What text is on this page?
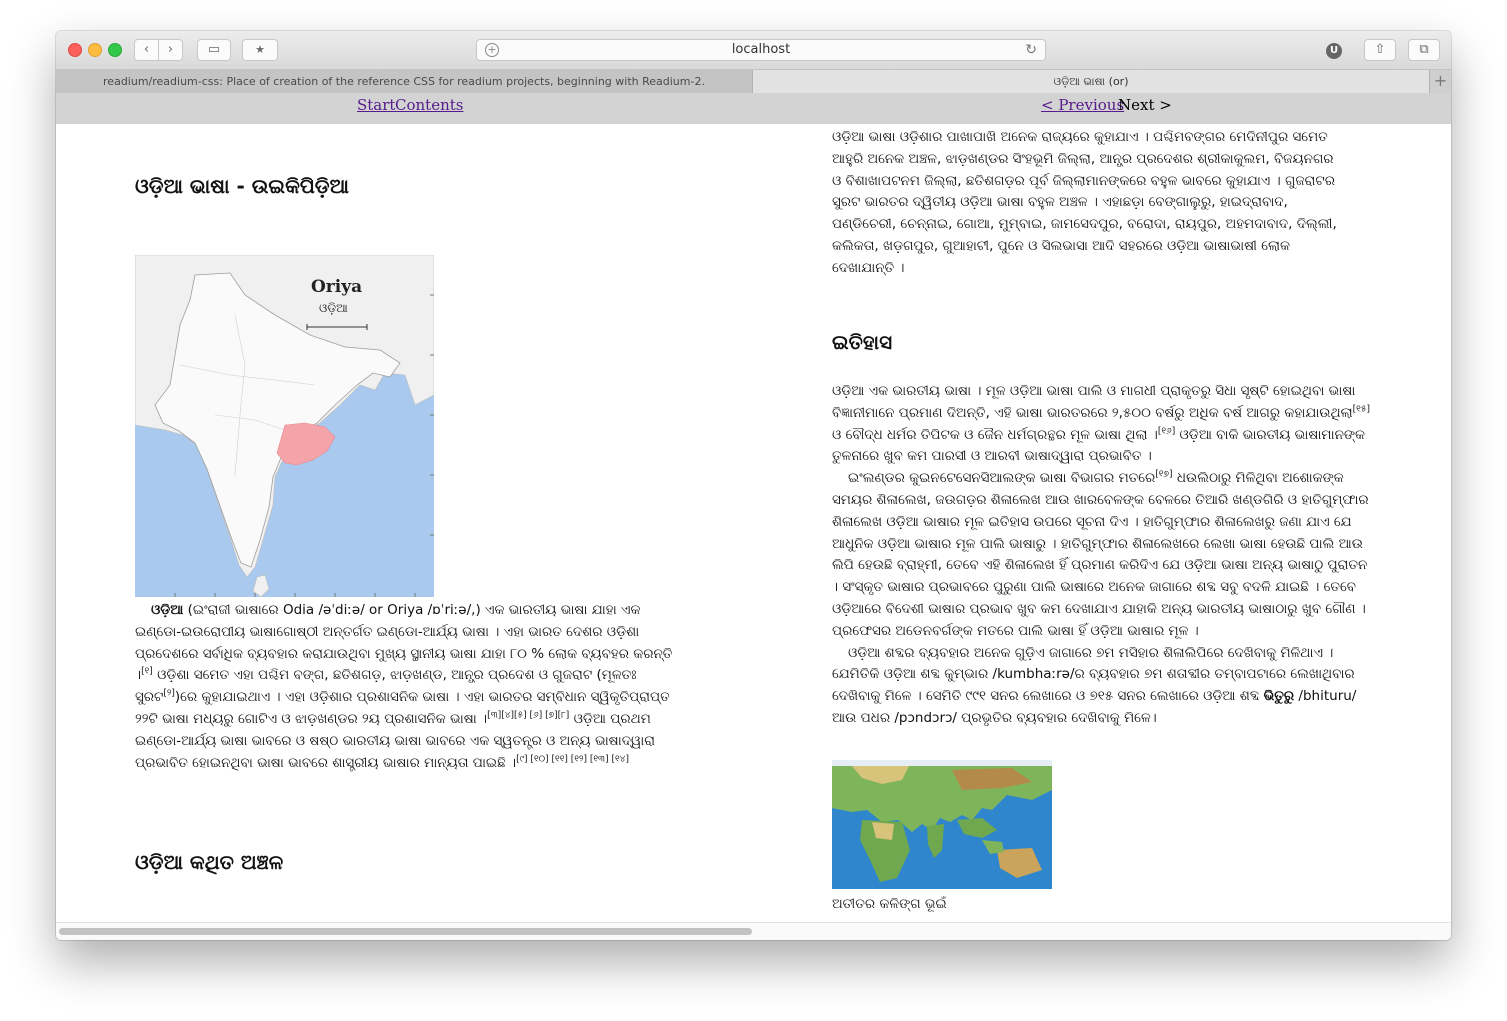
‹	›	▭	★	+	localhost	↻	U	⇧	⧉
readium/readium-css: Place of creation of the reference CSS for readium projects, beginning with Readium-2.	ଓଡ଼ିଆ ଭାଷା (or)	+
Start Contents	< Previous
Next >
ଓଡ଼ିଆ ଭାଷା - ଉଇକିପିଡ଼ିଆ
Oriya
ଓଡ଼ିଆ

ଓଡ଼ିଆ (ଇଂରାଜୀ ଭାଷାରେ Odia /əˈdiːə/ or Oriya /ɒˈriːə/,) ଏକ ଭାରତୀୟ ଭାଷା ଯାହା ଏକ ଇଣ୍ଡୋ-ଇଉରୋପୀୟ ଭାଷାଗୋଷ୍ଠୀ ଅନ୍ତର୍ଗତ ଇଣ୍ଡୋ-ଆର୍ଯ୍ୟ ଭାଷା । ଏହା ଭାରତ ଦେଶର ଓଡ଼ିଶା ପ୍ରଦେଶରେ ସର୍ବାଧିକ ବ୍ୟବହାର କରାଯାଉଥିବା ମୁଖ୍ୟ ସ୍ଥାନୀୟ ଭାଷା ଯାହା ୮୦ % ଲୋକ ବ୍ୟବହର କରନ୍ତି ।[୧] ଓଡ଼ିଶା ସମେତ ଏହା ପଶ୍ଚିମ ବଙ୍ଗ, ଛତିଶଗଡ଼, ଝାଡ଼ଖଣ୍ଡ, ଆନ୍ଧ୍ର ପ୍ରଦେଶ ଓ ଗୁଜରାଟ (ମୂଳତଃ ସୁରଟ[୨])ରେ କୁହାଯାଇଥାଏ । ଏହା ଓଡ଼ିଶାର ପ୍ରଶାସନିକ ଭାଷା । ଏହା ଭାରତର ସମ୍ବିଧାନ ସ୍ୱିକୃତିପ୍ରାପ୍ତ ୨୨ଟି ଭାଷା ମଧ୍ୟରୁ ଗୋଟିଏ ଓ ଝାଡ଼ଖଣ୍ଡର ୨ୟ ପ୍ରଶାସନିକ ଭାଷା ।[୩][୪][୫] [୬] [୭][୮] ଓଡ଼ିଆ ପ୍ରଥମ ଇଣ୍ଡୋ-ଆର୍ଯ୍ୟ ଭାଷା ଭାବରେ ଓ ଷଷ୍ଠ ଭାରତୀୟ ଭାଷା ଭାବରେ ଏକ ସ୍ୱତନ୍ତ୍ର ଓ ଅନ୍ୟ ଭାଷାଦ୍ୱାରା ପ୍ରଭାବିତ ହୋଇନଥିବା ଭାଷା ଭାବରେ ଶାସ୍ତ୍ରୀୟ ଭାଷାର ମାନ୍ୟତା ପାଇଛି ।[୯] [୧୦] [୧୧] [୧୨] [୧୩] [୧୪]

ଓଡ଼ିଆ କଥିତ ଅଞ୍ଚଳ

ଓଡ଼ିଆ ଭାଷା ଓଡ଼ିଶାର ପାଖାପାଖି ଅନେକ ରାଜ୍ୟରେ କୁହାଯାଏ । ପଶ୍ଚିମବଙ୍ଗର ମେଦିନୀପୁର ସମେତ ଆହୁରି ଅନେକ ଅଞ୍ଚଳ, ଝାଡ଼ଖଣ୍ଡର ସିଂହଭୂମି ଜିଲ୍ଲା, ଆନ୍ଧ୍ର ପ୍ରଦେଶର ଶ୍ରୀକାକୁଲମ, ବିଜୟନଗର ଓ ବିଶାଖାପଟନମ ଜିଲ୍ଲା, ଛତିଶଗଡ଼ର ପୂର୍ବ ଜିଲ୍ଲାମାନଙ୍କରେ ବହୁଳ ଭାବରେ କୁହାଯାଏ । ଗୁଜରାଟର ସୁରଟ ଭାରତର ଦ୍ୱିତୀୟ ଓଡ଼ିଆ ଭାଷା ବହୁଳ ଅଞ୍ଚଳ । ଏହାଛଡ଼ା ବେଙ୍ଗାଲୁରୁ, ହାଇଦ୍ରାବାଦ, ପଣ୍ଡିଚେରୀ, ଚେନ୍ନାଇ, ଗୋଆ, ମୁମ୍ବାଇ, ଜାମସେଦପୁର, ବରୋଦା, ରାୟପୁର, ଅହମଦାବାଦ, ଦିଲ୍ଲୀ, କଲିକତା, ଖଡ଼ଗପୁର, ଗୁଆହାଟୀ, ପୁନେ ଓ ସିଲଭାସା ଆଦି ସହରରେ ଓଡ଼ିଆ ଭାଷାଭାଷୀ ଲୋକ ଦେଖାଯାନ୍ତି ।

ଇତିହାସ

ଓଡ଼ିଆ ଏକ ଭାରତୀୟ ଭାଷା । ମୂଳ ଓଡ଼ିଆ ଭାଷା ପାଲି ଓ ମାଗଧୀ ପ୍ରାକୃତରୁ ସିଧା ସୃଷ୍ଟି ହୋଇଥିବା ଭାଷା ବିଜ୍ଞାନୀମାନେ ପ୍ରମାଣ ଦିଅନ୍ତି, ଏହି ଭାଷା ଭାରତରରେ ୨,୫୦୦ ବର୍ଷରୁ ଅଧିକ ବର୍ଷ ଆଗରୁ କହାଯାଉଥିଲା[୧୫] ଓ ବୌଦ୍ଧ ଧର୍ମର ତିପିଟକ ଓ ଜୈନ ଧର୍ମଗ୍ରନ୍ଥର ମୂଳ ଭାଷା ଥିଲା ।[୧୬] ଓଡ଼ିଆ ବାକି ଭାରତୀୟ ଭାଷାମାନଙ୍କ ତୁଳନାରେ ଖୁବ କମ ପାରସୀ ଓ ଆରବୀ ଭାଷାଦ୍ୱାରା ପ୍ରଭାବିତ ।
ଇଂଲଣ୍ଡର କୁଇନଟେସେନସିଆଲଙ୍କ ଭାଷା ବିଭାଗର ମତରେ[୧୭] ଧଉଲିଠାରୁ ମିଳିଥିବା ଅଶୋକଙ୍କ ସମୟର ଶିଳାଲେଖ, ଜଉଗଡ଼ର ଶିଳାଲେଖ ଆଉ ଖାରବେଳଙ୍କ ବେଳରେ ତିଆରି ଖଣ୍ଡଗିରି ଓ ହାତିଗୁମ୍ଫାର ଶିଳାଲେଖ ଓଡ଼ିଆ ଭାଷାର ମୂଳ ଇତିହାସ ଉପରେ ସୂଚନା ଦିଏ । ହାତିଗୁମ୍ଫାର ଶିଳାଲେଖରୁ ଜଣା ଯାଏ ଯେ ଆଧୁନିକ ଓଡ଼ିଆ ଭାଷାର ମୂଳ ପାଲି ଭାଷାରୁ । ହାତିଗୁମ୍ଫାର ଶିଳାଲେଖରେ ଲେଖା ଭାଷା ହେଉଛି ପାଲି ଆଉ ଲିପି ହେଉଛି ବ୍ରାହ୍ମୀ, ତେବେ ଏହି ଶିଳାଲେଖ ହିଁ ପ୍ରମାଣ କରିଦିଏ ଯେ ଓଡ଼ିଆ ଭାଷା ଅନ୍ୟ ଭାଷାଠୁ ପୁରାତନ । ସଂସ୍କୃତ ଭାଷାର ପ୍ରଭାବରେ ପୁରୁଣା ପାଲି ଭାଷାରେ ଅନେକ ଜାଗାରେ ଶବ୍ଦ ସବୁ ବଦଳି ଯାଇଛି । ତେବେ ଓଡ଼ିଆରେ ବିଦେଶୀ ଭାଷାର ପ୍ରଭାବ ଖୁବ କମ ଦେଖାଯାଏ ଯାହାକି ଅନ୍ୟ ଭାରତୀୟ ଭାଷାଠାରୁ ଖୁବ ଗୌଣ । ପ୍ରଫେସର ଅଡେନବର୍ଗଙ୍କ ମତରେ ପାଲି ଭାଷା ହିଁ ଓଡ଼ିଆ ଭାଷାର ମୂଳ ।
ଓଡ଼ିଆ ଶବ୍ଦର ବ୍ୟବହାର ଅନେକ ଗୁଡ଼ିଏ ଜାଗାରେ ୭ମ ମସିହାର ଶିଳାଲିପିରେ ଦେଖିବାକୁ ମିଳିଥାଏ । ଯେମିତିକି ଓଡ଼ିଆ ଶବ୍ଦ କୁମ୍ଭାର /kumbhaːrə/ର ବ୍ୟବହାର ୭ମ ଶତାବ୍ଦୀର ତମ୍ବାପଟାରେ ଲେଖାଥିବାର ଦେଖିବାକୁ ମିଳେ । ସେମିତି ୯୯୧ ସନର ଲେଖାରେ ଓ ୭୧୫ ସନର ଲେଖାରେ ଓଡ଼ିଆ ଶବ୍ଦ ଭିତୁରୁ /bhituru/ ଆଉ ପଧର /pɔndɔrɔ/ ପ୍ରଭୃତିର ବ୍ୟବହାର ଦେଖିବାକୁ ମିଳେ।

ଅତୀତର କଳିଙ୍ଗ ଭୂଇଁ
